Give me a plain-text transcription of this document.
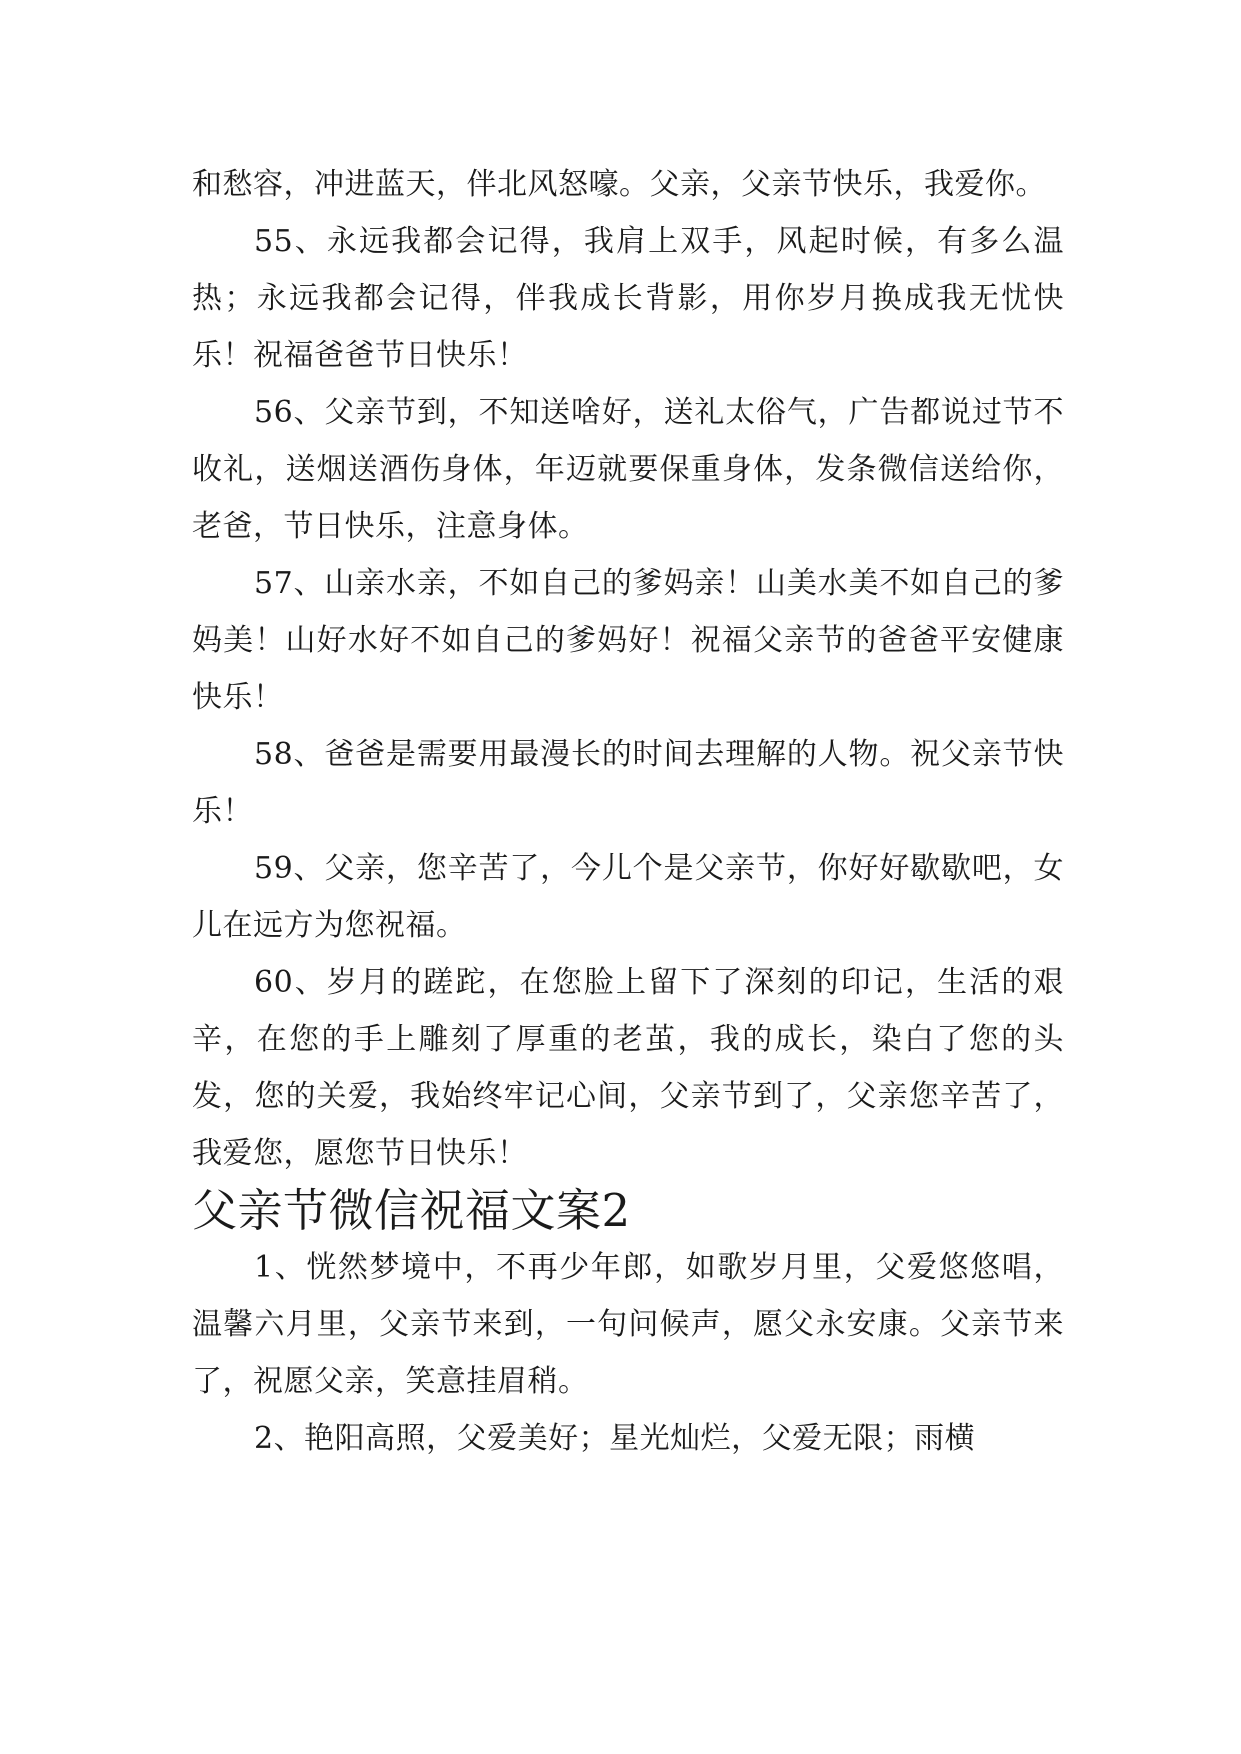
和愁容，冲进蓝天，伴北风怒嚎。父亲，父亲节快乐，我爱你。

55、永远我都会记得，我肩上双手，风起时候，有多么温热；永远我都会记得，伴我成长背影，用你岁月换成我无忧快乐！祝福爸爸节日快乐！

56、父亲节到，不知送啥好，送礼太俗气，广告都说过节不收礼，送烟送酒伤身体，年迈就要保重身体，发条微信送给你，老爸，节日快乐，注意身体。

57、山亲水亲，不如自己的爹妈亲！山美水美不如自己的爹妈美！山好水好不如自己的爹妈好！祝福父亲节的爸爸平安健康快乐！

58、爸爸是需要用最漫长的时间去理解的人物。祝父亲节快乐！

59、父亲，您辛苦了，今儿个是父亲节，你好好歇歇吧，女儿在远方为您祝福。

60、岁月的蹉跎，在您脸上留下了深刻的印记，生活的艰辛，在您的手上雕刻了厚重的老茧，我的成长，染白了您的头发，您的关爱，我始终牢记心间，父亲节到了，父亲您辛苦了，我爱您，愿您节日快乐！

父亲节微信祝福文案2

1、恍然梦境中，不再少年郎，如歌岁月里，父爱悠悠唱，温馨六月里，父亲节来到，一句问候声，愿父永安康。父亲节来了，祝愿父亲，笑意挂眉稍。

2、艳阳高照，父爱美好；星光灿烂，父爱无限；雨横
